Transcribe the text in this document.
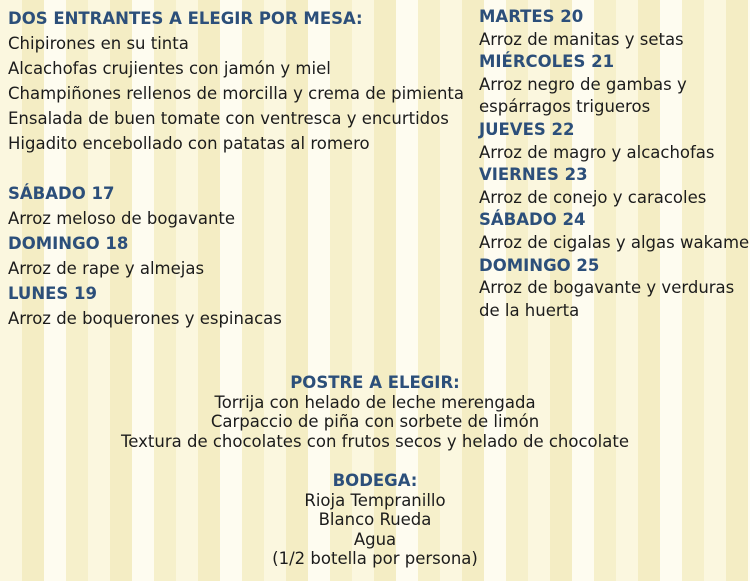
DOS ENTRANTES A ELEGIR POR MESA:
Chipirones en su tinta
Alcachofas crujientes con jamón y miel
Champiñones rellenos de morcilla y crema de pimienta
Ensalada de buen tomate con ventresca y encurtidos
Higadito encebollado con patatas al romero
SÁBADO 17
Arroz meloso de bogavante
DOMINGO 18
Arroz de rape y almejas
LUNES 19
Arroz de boquerones y espinacas
MARTES 20
Arroz de manitas y setas
MIÉRCOLES 21
Arroz negro de gambas y
espárragos trigueros
JUEVES 22
Arroz de magro y alcachofas
VIERNES 23
Arroz de conejo y caracoles
SÁBADO 24
Arroz de cigalas y algas wakame
DOMINGO 25
Arroz de bogavante y verduras
de la huerta
POSTRE A ELEGIR:
Torrija con helado de leche merengada
Carpaccio de piña con sorbete de limón
Textura de chocolates con frutos secos y helado de chocolate
BODEGA:
Rioja Tempranillo
Blanco Rueda
Agua
(1/2 botella por persona)
